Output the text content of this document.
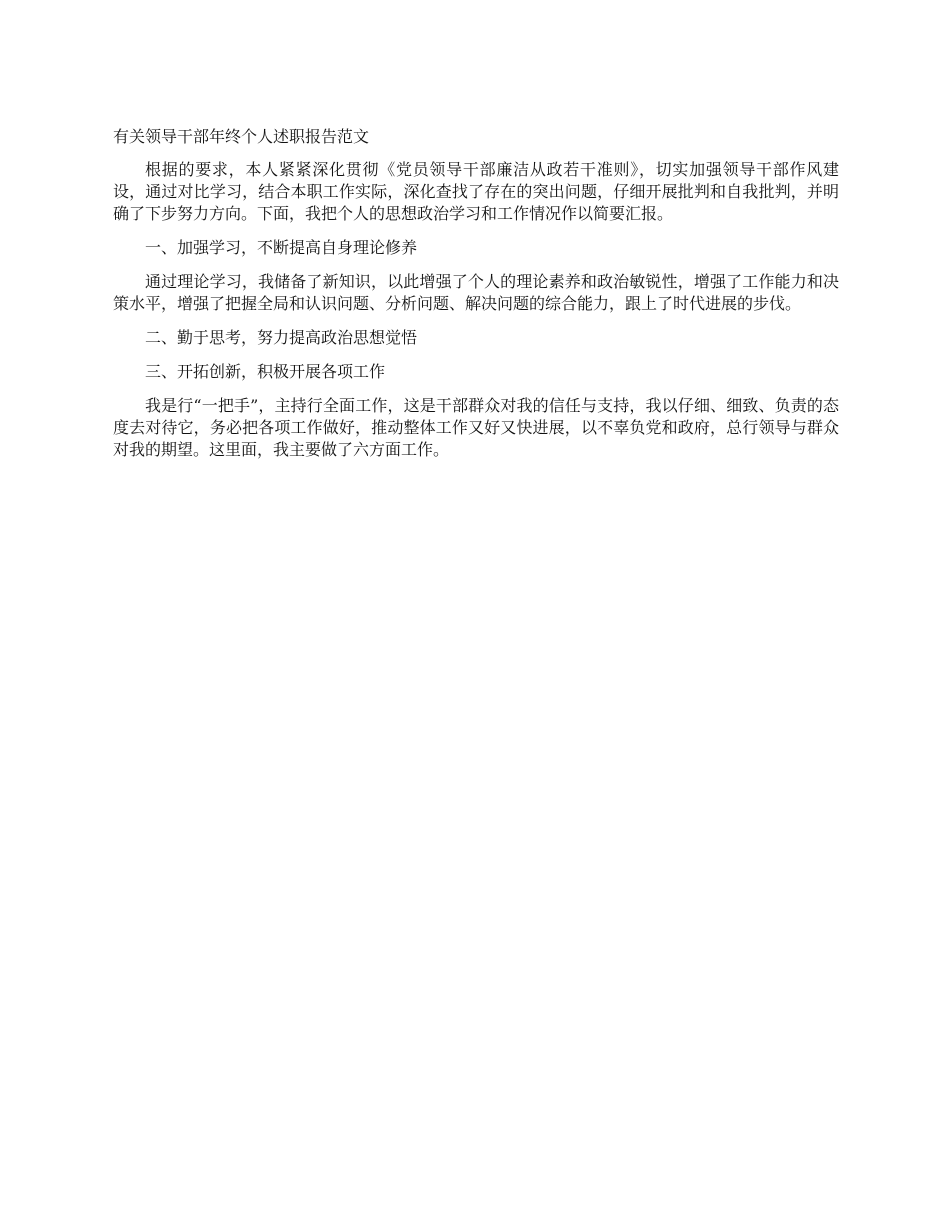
有关领导干部年终个人述职报告范文

根据的要求，本人紧紧深化贯彻《党员领导干部廉洁从政若干准则》，切实加强领导干部作风建设，通过对比学习，结合本职工作实际，深化查找了存在的突出问题，仔细开展批判和自我批判，并明确了下步努力方向。下面，我把个人的思想政治学习和工作情况作以简要汇报。

一、加强学习，不断提高自身理论修养

通过理论学习，我储备了新知识，以此增强了个人的理论素养和政治敏锐性，增强了工作能力和决策水平，增强了把握全局和认识问题、分析问题、解决问题的综合能力，跟上了时代进展的步伐。

二、勤于思考，努力提高政治思想觉悟

三、开拓创新，积极开展各项工作

我是行“一把手”，主持行全面工作，这是干部群众对我的信任与支持，我以仔细、细致、负责的态度去对待它，务必把各项工作做好，推动整体工作又好又快进展，以不辜负党和政府，总行领导与群众对我的期望。这里面，我主要做了六方面工作。
